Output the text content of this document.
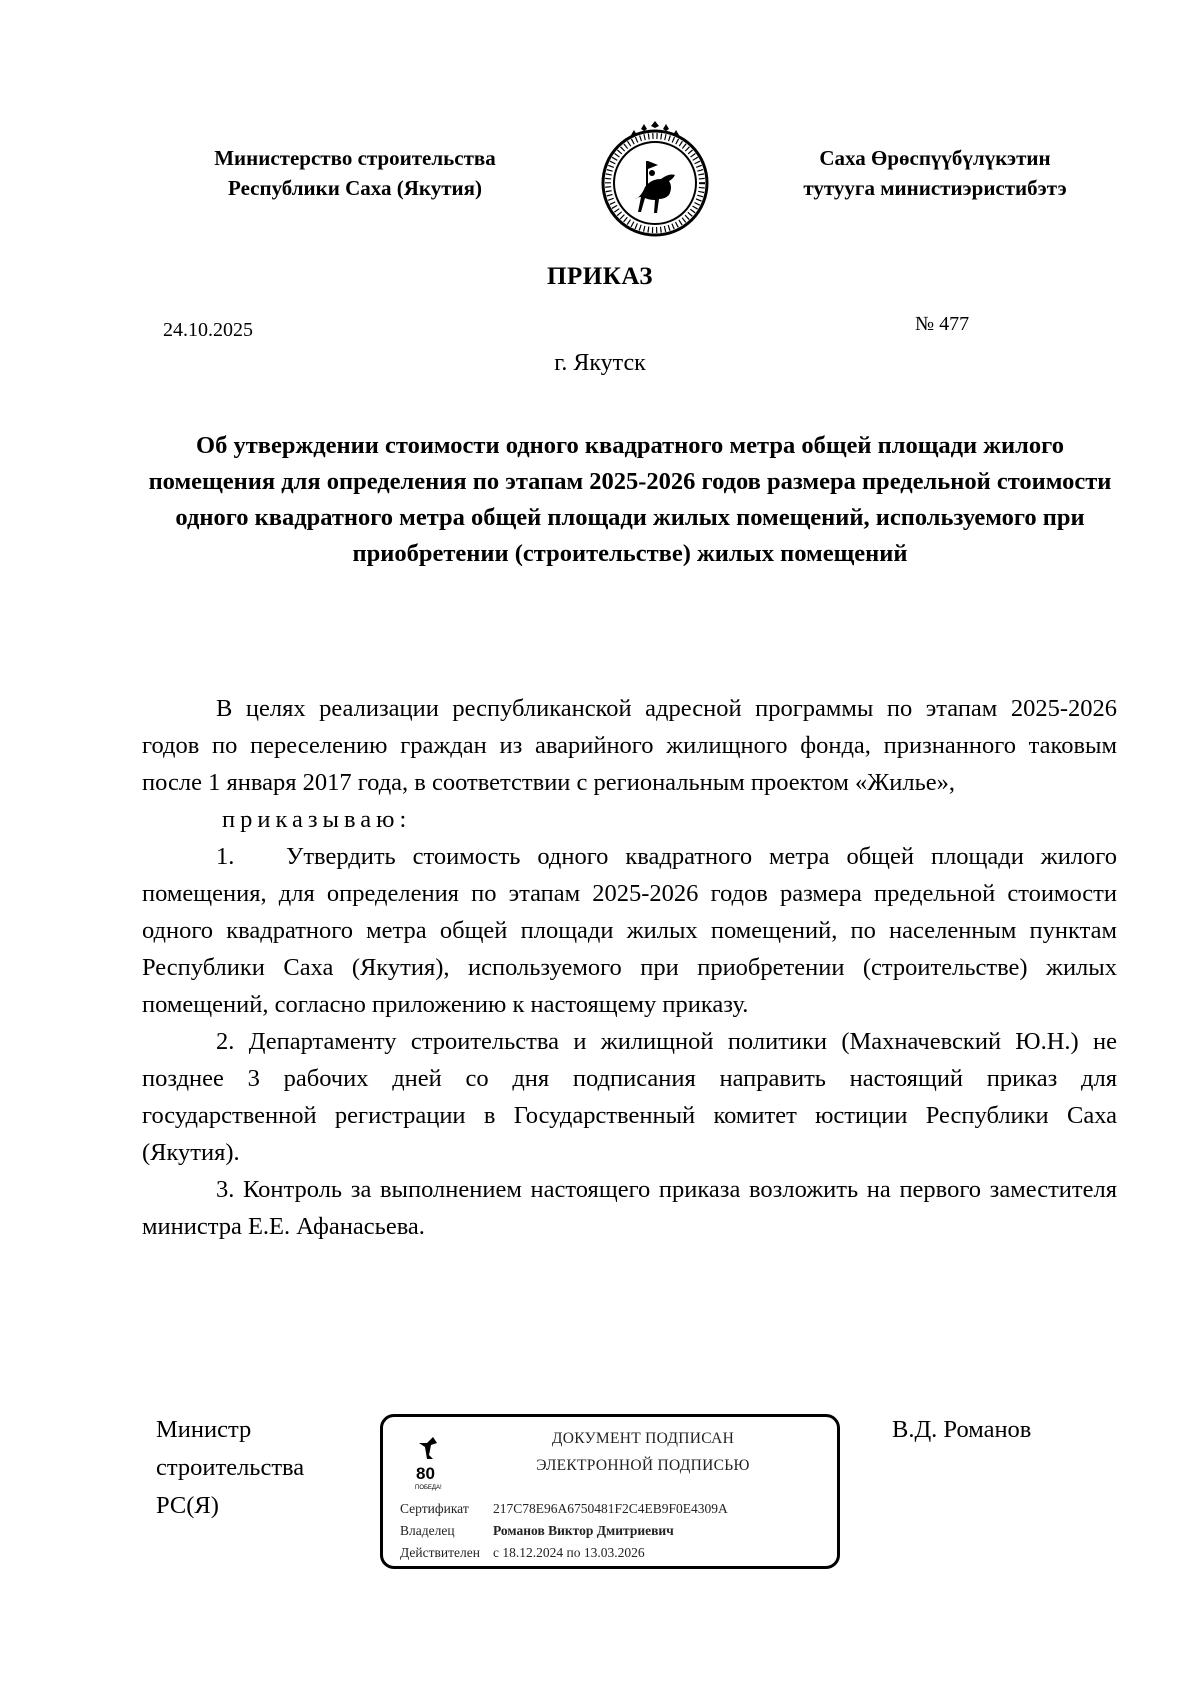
Министерство строительства
Республики Саха (Якутия)
Саха Өрөспүүбүлүкэтин
тутууга министиэристибэтэ
ПРИКАЗ
24.10.2025	№ 477
г. Якутск
Об утверждении стоимости одного квадратного метра общей площади жилого помещения для определения по этапам 2025-2026 годов размера предельной стоимости одного квадратного метра общей площади жилых помещений, используемого при приобретении (строительстве) жилых помещений

В целях реализации республиканской адресной программы по этапам 2025-2026 годов по переселению граждан из аварийного жилищного фонда, признанного таковым после 1 января 2017 года, в соответствии с региональным проектом «Жилье»,

приказываю:

1. Утвердить стоимость одного квадратного метра общей площади жилого помещения, для определения по этапам 2025-2026 годов размера предельной стоимости одного квадратного метра общей площади жилых помещений, по населенным пунктам Республики Саха (Якутия), используемого при приобретении (строительстве) жилых помещений, согласно приложению к настоящему приказу.

2. Департаменту строительства и жилищной политики (Махначевский Ю.Н.) не позднее 3 рабочих дней со дня подписания направить настоящий приказ для государственной регистрации в Государственный комитет юстиции Республики Саха (Якутия).

3. Контроль за выполнением настоящего приказа возложить на первого заместителя министра Е.Е. Афанасьева.

Министр
строительства
РС(Я)
80
ПОБЕДА!
ДОКУМЕНТ ПОДПИСАН
ЭЛЕКТРОННОЙ ПОДПИСЬЮ
Сертификат 217C78E96A6750481F2C4EB9F0E4309A
Владелец	Романов Виктор Дмитриевич
Действителен с 18.12.2024 по 13.03.2026
В.Д. Романов
